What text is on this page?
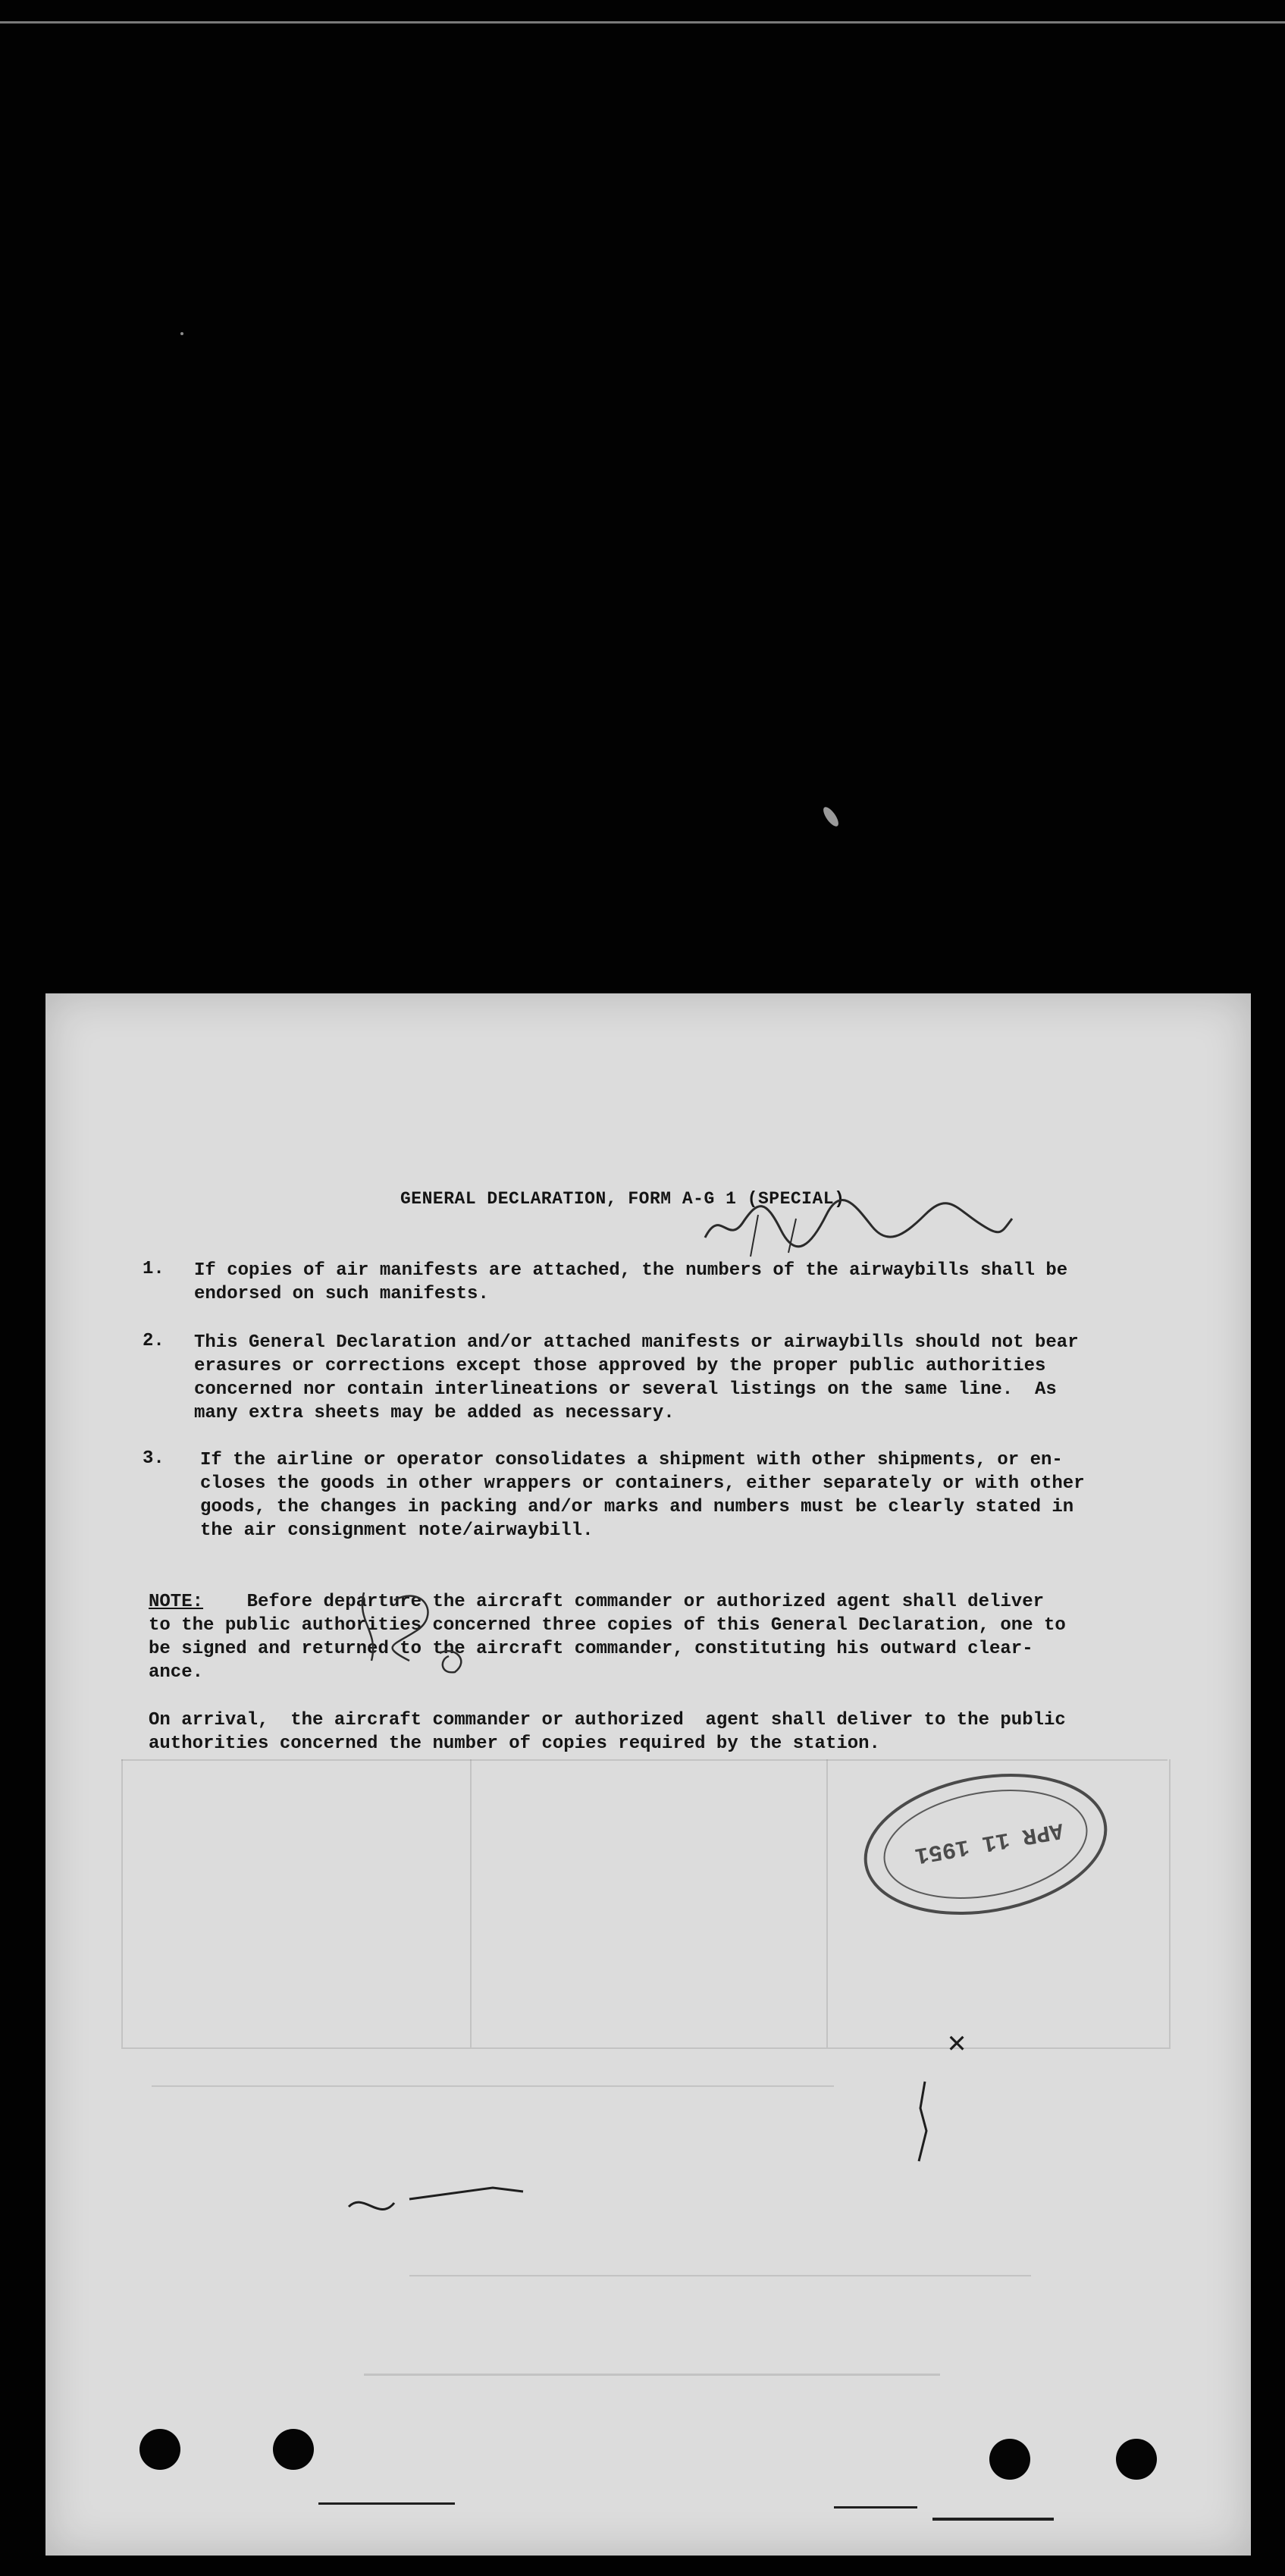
GENERAL DECLARATION, FORM A-G 1 (SPECIAL)
1. If copies of air manifests are attached, the numbers of the airwaybills shall be

endorsed on such manifests.

2. This General Declaration and/or attached manifests or airwaybills should not bear

erasures or corrections except those approved by the proper public authorities

concerned nor contain interlineations or several listings on the same line.  As

many extra sheets may be added as necessary.

3. If the airline or operator consolidates a shipment with other shipments, or en-

closes the goods in other wrappers or containers, either separately or with other

goods, the changes in packing and/or marks and numbers must be clearly stated in

the air consignment note/airwaybill.

NOTE: Before departure the aircraft commander or authorized agent shall deliver

to the public authorities concerned three copies of this General Declaration, one to

be signed and returned to the aircraft commander, constituting his outward clear-

ance.

On arrival,  the aircraft commander or authorized  agent shall deliver to the public

authorities concerned the number of copies required by the station.

APR 11 1951
✕
